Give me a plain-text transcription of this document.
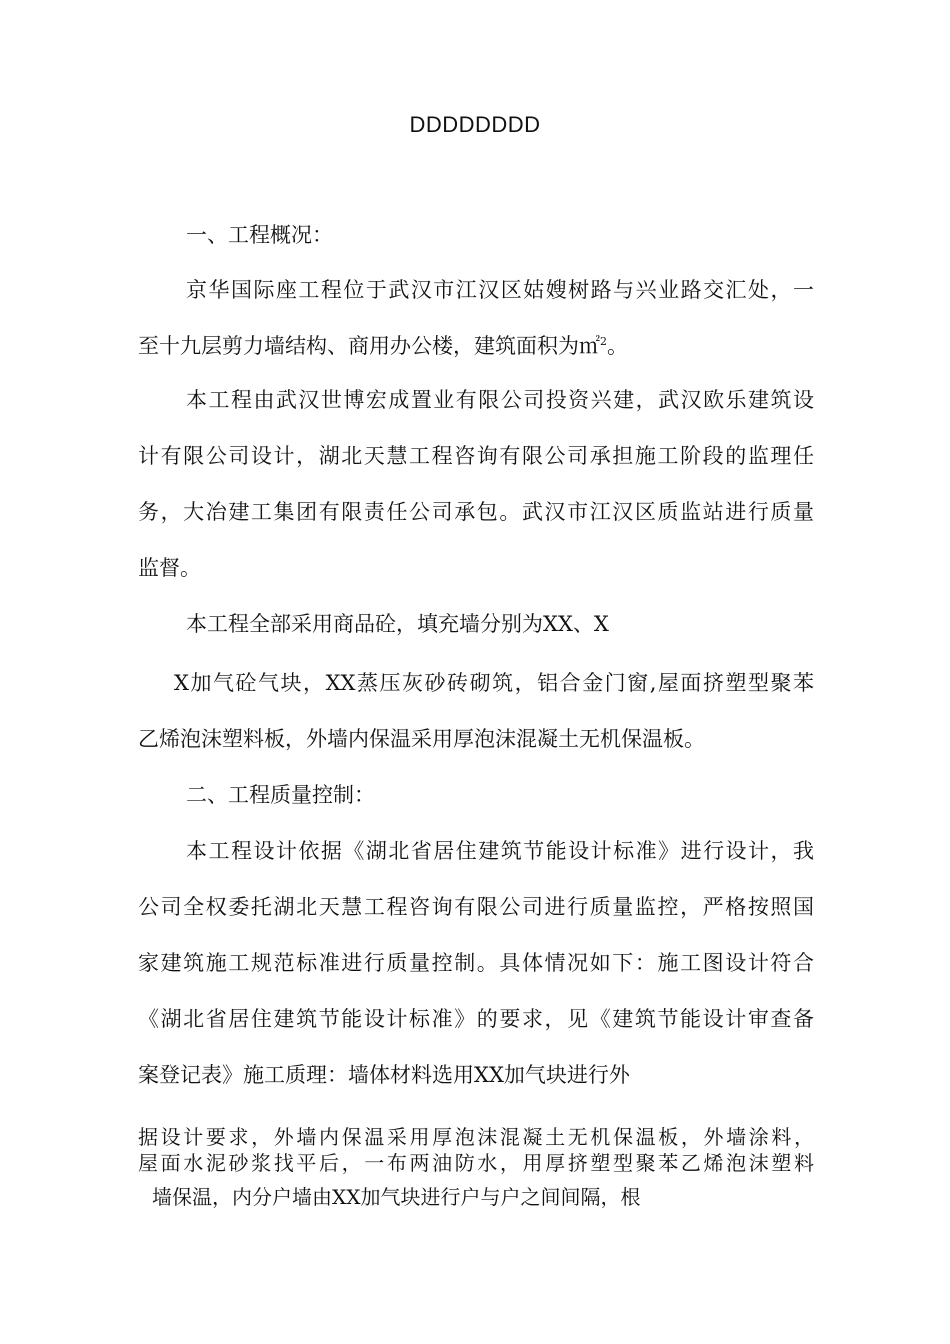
DDDDDDDD
一、工程概况：
京华国际座工程位于武汉市江汉区姑嫂树路与兴业路交汇处，一
至十九层剪力墙结构、商用办公楼，建筑面积为㎡$^2$。
本工程由武汉世博宏成置业有限公司投资兴建，武汉欧乐建筑设
计有限公司设计，湖北天慧工程咨询有限公司承担施工阶段的监理任
务，大冶建工集团有限责任公司承包。武汉市江汉区质监站进行质量
监督。
本工程全部采用商品砼，填充墙分别为XX、X
X加气砼气块，XX蒸压灰砂砖砌筑，铝合金门窗,屋面挤塑型聚苯
乙烯泡沫塑料板，外墙内保温采用厚泡沫混凝土无机保温板。
二、工程质量控制：
本工程设计依据《湖北省居住建筑节能设计标准》进行设计，我
公司全权委托湖北天慧工程咨询有限公司进行质量监控，严格按照国
家建筑施工规范标准进行质量控制。具体情况如下：施工图设计符合
《湖北省居住建筑节能设计标准》的要求，见《建筑节能设计审查备
案登记表》施工质理：墙体材料选用XX加气块进行外
据设计要求，外墙内保温采用厚泡沫混凝土无机保温板，外墙涂料，
屋面水泥砂浆找平后，一布两油防水，用厚挤塑型聚苯乙烯泡沫塑料
墙保温，内分户墙由XX加气块进行户与户之间间隔，根
